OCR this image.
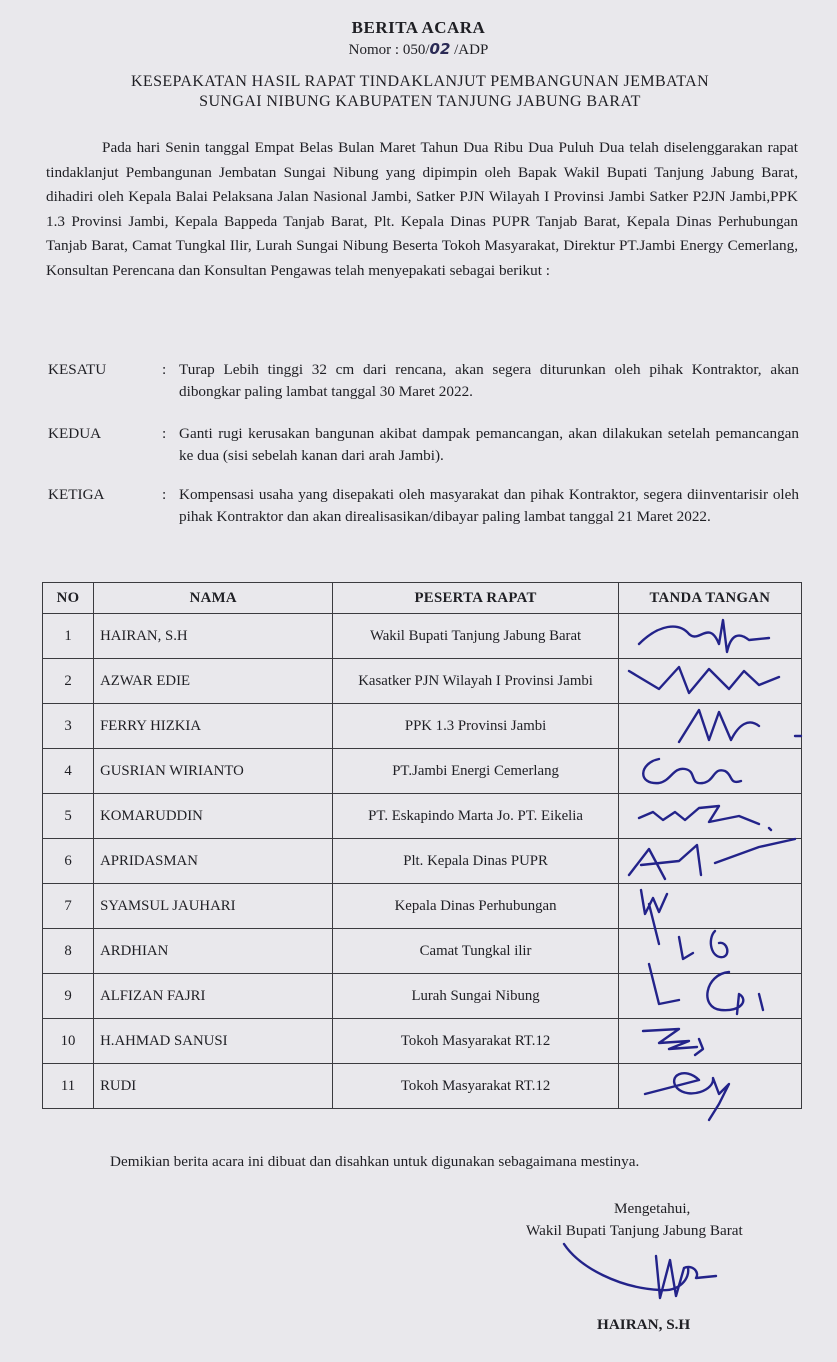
BERITA ACARA
Nomor : 050/02 /ADP
KESEPAKATAN HASIL RAPAT TINDAKLANJUT PEMBANGUNAN JEMBATAN
SUNGAI NIBUNG KABUPATEN TANJUNG JABUNG BARAT
Pada hari Senin tanggal Empat Belas Bulan Maret Tahun Dua Ribu Dua Puluh Dua telah diselenggarakan rapat tindaklanjut Pembangunan Jembatan Sungai Nibung yang dipimpin oleh Bapak Wakil Bupati Tanjung Jabung Barat, dihadiri oleh Kepala Balai Pelaksana Jalan Nasional Jambi, Satker PJN Wilayah I Provinsi Jambi Satker P2JN Jambi,PPK 1.3 Provinsi Jambi, Kepala Bappeda Tanjab Barat, Plt. Kepala Dinas PUPR Tanjab Barat, Kepala Dinas Perhubungan Tanjab Barat, Camat Tungkal Ilir, Lurah Sungai Nibung Beserta Tokoh Masyarakat, Direktur PT.Jambi Energy Cemerlang, Konsultan Perencana dan Konsultan Pengawas telah menyepakati sebagai berikut :
KESATU	: Turap Lebih tinggi 32 cm dari rencana, akan segera diturunkan oleh pihak Kontraktor, akan dibongkar paling lambat tanggal 30 Maret 2022.
KEDUA	: Ganti rugi kerusakan bangunan akibat dampak pemancangan, akan dilakukan setelah pemancangan ke dua (sisi sebelah kanan dari arah Jambi).
KETIGA	: Kompensasi usaha yang disepakati oleh masyarakat dan pihak Kontraktor, segera diinventarisir oleh pihak Kontraktor dan akan direalisasikan/dibayar paling lambat tanggal 21 Maret 2022.
NO	NAMA	PESERTA RAPAT	TANDA TANGAN
1	HAIRAN, S.H	Wakil Bupati Tanjung Jabung Barat	

2	AZWAR EDIE	Kasatker PJN Wilayah I Provinsi Jambi	

3	FERRY HIZKIA	PPK 1.3 Provinsi Jambi	

4	GUSRIAN WIRIANTO	PT.Jambi Energi Cemerlang	

5	KOMARUDDIN	PT. Eskapindo Marta Jo. PT. Eikelia	

6	APRIDASMAN	Plt. Kepala Dinas PUPR	

7	SYAMSUL JAUHARI	Kepala Dinas Perhubungan	

8	ARDHIAN	Camat Tungkal ilir	

9	ALFIZAN FAJRI	Lurah Sungai Nibung	

10	H.AHMAD SANUSI	Tokoh Masyarakat RT.12	

11	RUDI	Tokoh Masyarakat RT.12	
Demikian berita acara ini dibuat dan disahkan untuk digunakan sebagaimana mestinya.
Mengetahui,
Wakil Bupati Tanjung Jabung Barat
HAIRAN, S.H
